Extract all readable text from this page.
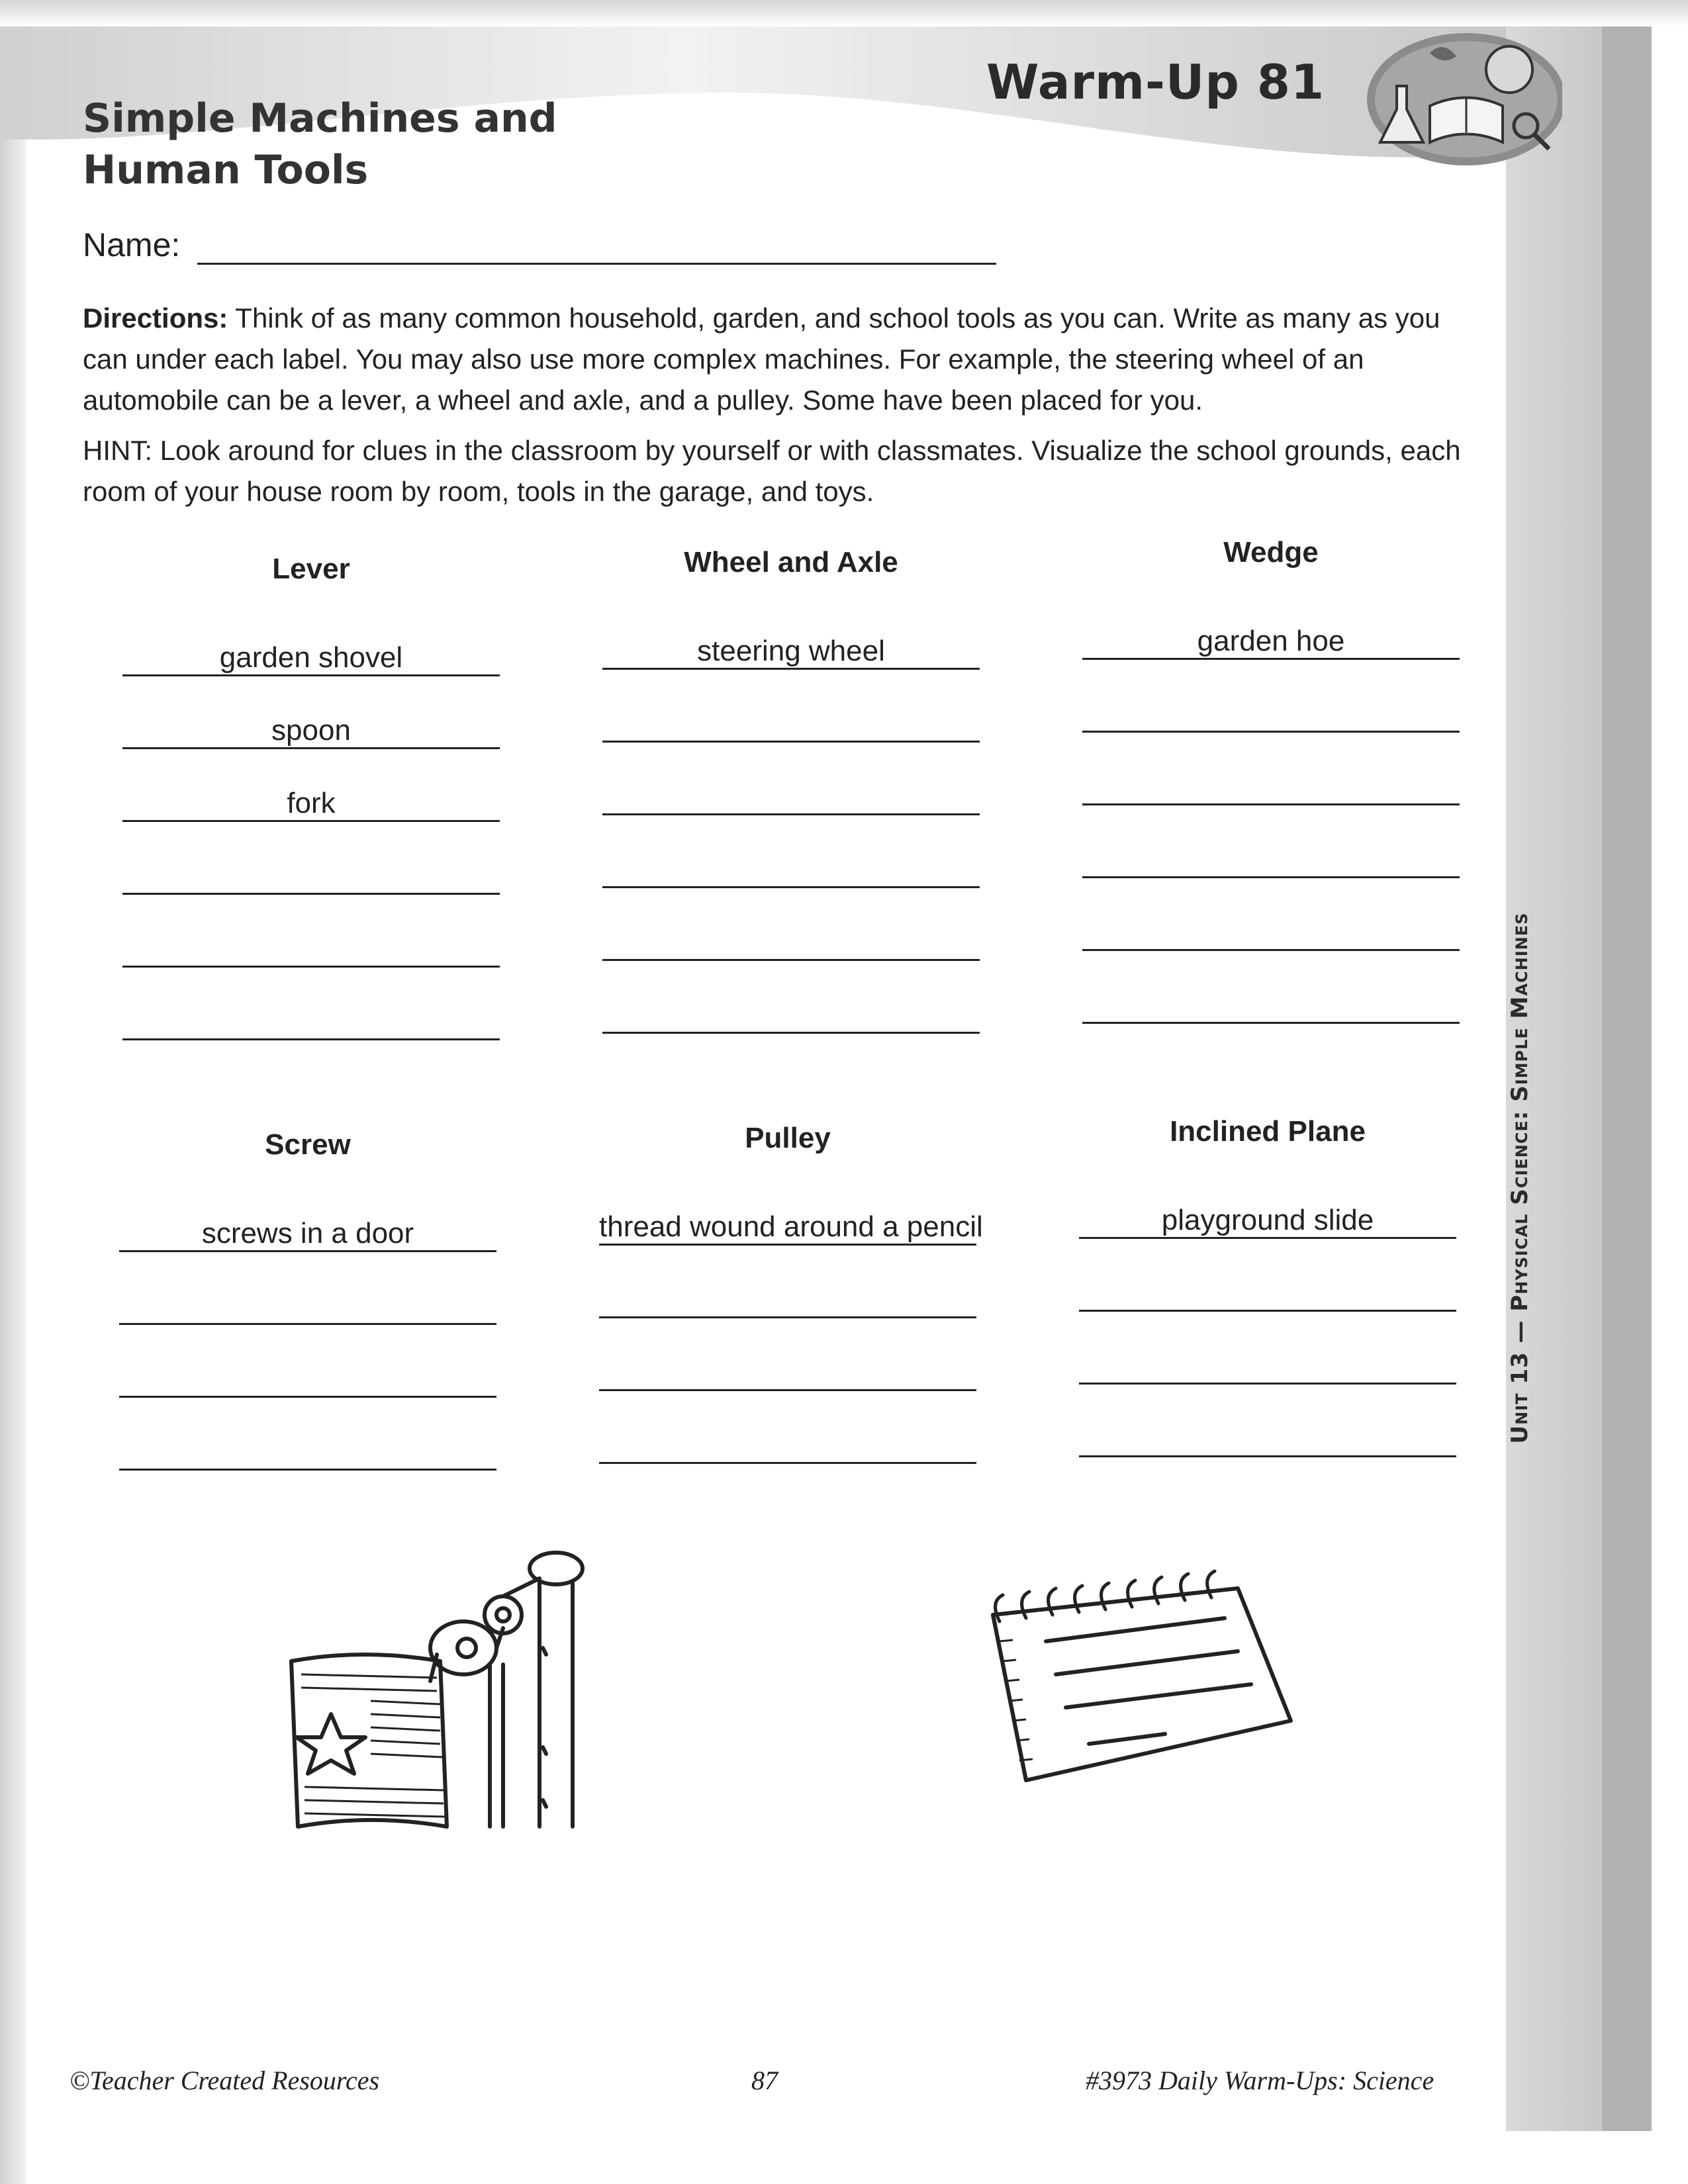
Unit 13 — Physical Science: Simple Machines
Simple Machines and
Human Tools
Warm-Up 81
Name:
Directions: Think of as many common household, garden, and school tools as you can. Write as many as you can under each label. You may also use more complex machines. For example, the steering wheel of an automobile can be a lever, a wheel and axle, and a pulley. Some have been placed for you.
HINT: Look around for clues in the classroom by yourself or with classmates. Visualize the school grounds, each room of your house room by room, tools in the garage, and toys.
Lever
garden shovel
spoon
fork
Wheel and Axle
steering wheel
Wedge
garden hoe
Screw
screws in a door
Pulley
thread wound around a pencil
Inclined Plane
playground slide
©Teacher Created Resources	87	#3973 Daily Warm-Ups: Science
